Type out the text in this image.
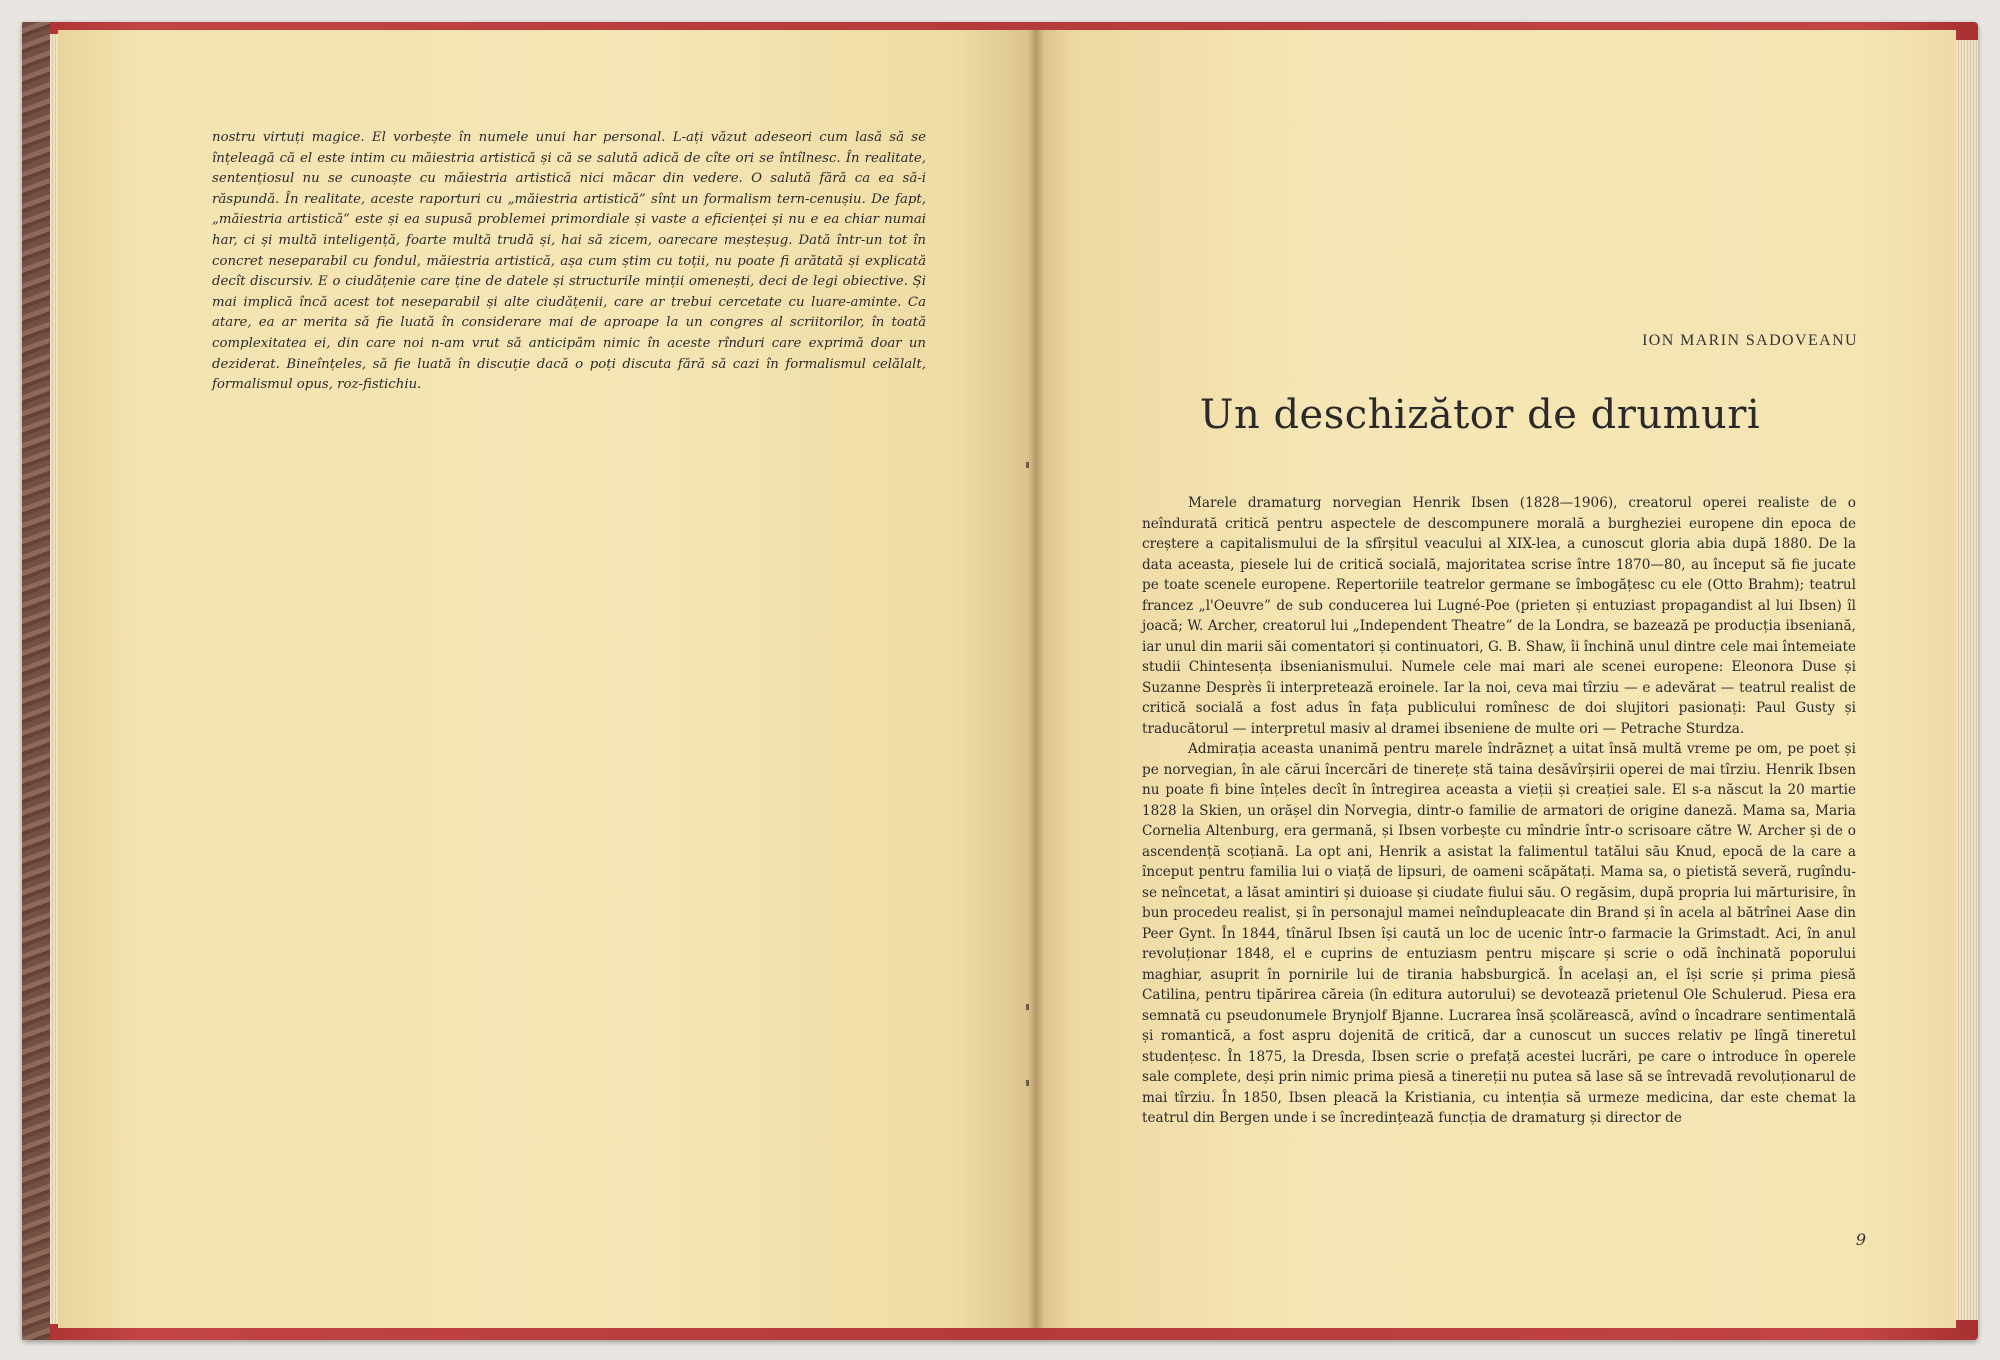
nostru virtuți magice. El vorbește în numele unui har personal. L-ați văzut adeseori cum lasă să se înțeleagă că el este intim cu măiestria artistică și că se salută adică de cîte ori se întîlnesc. În realitate, sentențiosul nu se cunoaște cu măiestria artistică nici măcar din vedere. O salută fără ca ea să-i răspundă. În realitate, aceste raporturi cu „măiestria artistică” sînt un formalism tern-cenușiu. De fapt, „măiestria artistică” este și ea supusă problemei primordiale și vaste a eficienței și nu e ea chiar numai har, ci și multă inteligență, foarte multă trudă și, hai să zicem, oarecare meșteșug. Dată într-un tot în concret neseparabil cu fondul, măiestria artistică, așa cum știm cu toții, nu poate fi arătată și explicată decît discursiv. E o ciudățenie care ține de datele și structurile minții omenești, deci de legi obiective. Și mai implică încă acest tot neseparabil și alte ciudățenii, care ar trebui cercetate cu luare-aminte. Ca atare, ea ar merita să fie luată în considerare mai de aproape la un congres al scriitorilor, în toată complexitatea ei, din care noi n-am vrut să anticipăm nimic în aceste rînduri care exprimă doar un deziderat. Bineînțeles, să fie luată în discuție dacă o poți discuta fără să cazi în formalismul celălalt, formalismul opus, roz-fistichiu.

ION MARIN SADOVEANU
Un deschizător de drumuri

Marele dramaturg norvegian Henrik Ibsen (1828—1906), creatorul operei realiste de o neîndurată critică pentru aspectele de descompunere morală a burgheziei europene din epoca de creștere a capitalismului de la sfîrșitul veacului al XIX-lea, a cunoscut gloria abia după 1880. De la data aceasta, piesele lui de critică socială, majoritatea scrise între 1870—80, au început să fie jucate pe toate scenele europene. Repertoriile teatrelor germane se îmbogățesc cu ele (Otto Brahm); teatrul francez „l'Oeuvre” de sub conducerea lui Lugné-Poe (prieten și entuziast propagandist al lui Ibsen) îl joacă; W. Archer, creatorul lui „Independent Theatre” de la Londra, se bazează pe producția ibseniană, iar unul din marii săi comentatori și continuatori, G. B. Shaw, îi închină unul dintre cele mai întemeiate studii Chintesența ibsenianismului. Numele cele mai mari ale scenei europene: Eleonora Duse și Suzanne Desprès îi interpretează eroinele. Iar la noi, ceva mai tîrziu — e adevărat — teatrul realist de critică socială a fost adus în fața publicului romînesc de doi slujitori pasionați: Paul Gusty și traducătorul — interpretul masiv al dramei ibseniene de multe ori — Petrache Sturdza.

Admirația aceasta unanimă pentru marele îndrăzneț a uitat însă multă vreme pe om, pe poet și pe norvegian, în ale cărui încercări de tinerețe stă taina desăvîrșirii operei de mai tîrziu. Henrik Ibsen nu poate fi bine înțeles decît în întregirea aceasta a vieții și creației sale. El s-a născut la 20 martie 1828 la Skien, un orășel din Norvegia, dintr-o familie de armatori de origine daneză. Mama sa, Maria Cornelia Altenburg, era germană, și Ibsen vorbește cu mîndrie într-o scrisoare către W. Archer și de o ascendență scoțiană. La opt ani, Henrik a asistat la falimentul tatălui său Knud, epocă de la care a început pentru familia lui o viață de lipsuri, de oameni scăpătați. Mama sa, o pietistă severă, rugîndu-se neîncetat, a lăsat amintiri și duioase și ciudate fiului său. O regăsim, după propria lui mărturisire, în bun procedeu realist, și în personajul mamei neîndupleacate din Brand și în acela al bătrînei Aase din Peer Gynt. În 1844, tînărul Ibsen își caută un loc de ucenic într-o farmacie la Grimstadt. Aci, în anul revoluționar 1848, el e cuprins de entuziasm pentru mișcare și scrie o odă închinată poporului maghiar, asuprit în pornirile lui de tirania habsburgică. În același an, el își scrie și prima piesă Catilina, pentru tipărirea căreia (în editura autorului) se devotează prietenul Ole Schulerud. Piesa era semnată cu pseudonumele Brynjolf Bjanne. Lucrarea însă școlărească, avînd o încadrare sentimentală și romantică, a fost aspru dojenită de critică, dar a cunoscut un succes relativ pe lîngă tineretul studențesc. În 1875, la Dresda, Ibsen scrie o prefață acestei lucrări, pe care o introduce în operele sale complete, deși prin nimic prima piesă a tinereții nu putea să lase să se întrevadă revoluționarul de mai tîrziu. În 1850, Ibsen pleacă la Kristiania, cu intenția să urmeze medicina, dar este chemat la teatrul din Bergen unde i se încredințează funcția de dramaturg și director de

9
